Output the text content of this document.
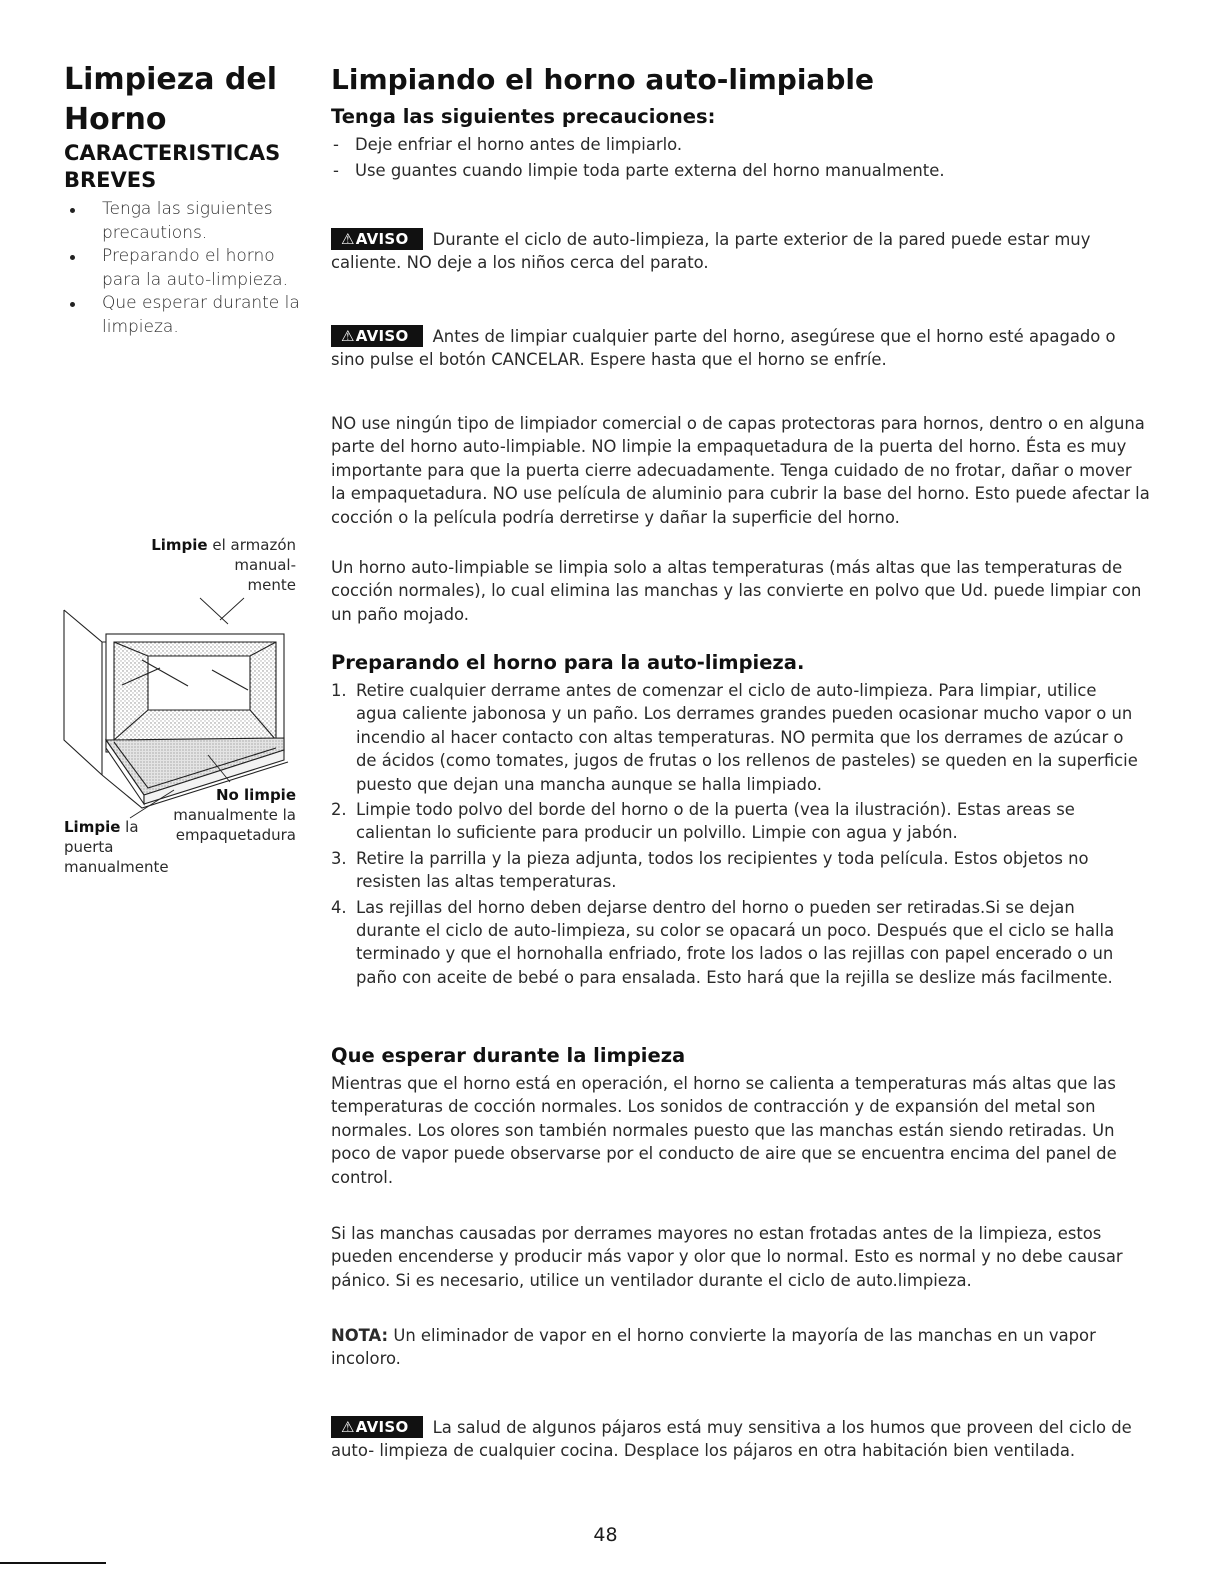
Limpieza del Horno
CARACTERISTICAS BREVES
Tenga las siguientes precautions.
Preparando el horno para la auto-limpieza.
Que esperar durante la limpieza.
Limpie el armazón
manual-
mente
No limpie
manualmente la
empaquetadura
Limpie la
puerta
manualmente
Limpiando el horno auto-limpiable
Tenga las siguientes precauciones:
- Deje enfriar el horno antes de limpiarlo.
- Use guantes cuando limpie toda parte externa del horno manualmente.

⚠AVISO Durante el ciclo de auto-limpieza, la parte exterior de la pared puede estar muy caliente. NO deje a los niños cerca del parato.

⚠AVISO Antes de limpiar cualquier parte del horno, asegúrese que el horno esté apagado o sino pulse el botón CANCELAR. Espere hasta que el horno se enfríe.

NO use ningún tipo de limpiador comercial o de capas protectoras para hornos, dentro o en alguna parte del horno auto-limpiable. NO limpie la empaquetadura de la puerta del horno. Ésta es muy importante para que la puerta cierre adecuadamente. Tenga cuidado de no frotar, dañar o mover la empaquetadura. NO use película de aluminio para cubrir la base del horno. Esto puede afectar la cocción o la película podría derretirse y dañar la superficie del horno.

Un horno auto-limpiable se limpia solo a altas temperaturas (más altas que las temperaturas de cocción normales), lo cual elimina las manchas y las convierte en polvo que Ud. puede limpiar con un paño mojado.

Preparando el horno para la auto-limpieza.
1. Retire cualquier derrame antes de comenzar el ciclo de auto-limpieza. Para limpiar, utilice agua caliente jabonosa y un paño. Los derrames grandes pueden ocasionar mucho vapor o un incendio al hacer contacto con altas temperaturas. NO permita que los derrames de azúcar o de ácidos (como tomates, jugos de frutas o los rellenos de pasteles) se queden en la superficie puesto que dejan una mancha aunque se halla limpiado.
2. Limpie todo polvo del borde del horno o de la puerta (vea la ilustración). Estas areas se calientan lo suficiente para producir un polvillo. Limpie con agua y jabón.
3. Retire la parrilla y la pieza adjunta, todos los recipientes y toda película. Estos objetos no resisten las altas temperaturas.
4. Las rejillas del horno deben dejarse dentro del horno o pueden ser retiradas.Si se dejan durante el ciclo de auto-limpieza, su color se opacará un poco. Después que el ciclo se halla terminado y que el hornohalla enfriado, frote los lados o las rejillas con papel encerado o un paño con aceite de bebé o para ensalada. Esto hará que la rejilla se deslize más facilmente.
Que esperar durante la limpieza

Mientras que el horno está en operación, el horno se calienta a temperaturas más altas que las temperaturas de cocción normales. Los sonidos de contracción y de expansión del metal son normales. Los olores son también normales puesto que las manchas están siendo retiradas. Un poco de vapor puede observarse por el conducto de aire que se encuentra encima del panel de control.

Si las manchas causadas por derrames mayores no estan frotadas antes de la limpieza, estos pueden encenderse y producir más vapor y olor que lo normal. Esto es normal y no debe causar pánico. Si es necesario, utilice un ventilador durante el ciclo de auto.limpieza.

NOTA: Un eliminador de vapor en el horno convierte la mayoría de las manchas en un vapor incoloro.

⚠AVISO La salud de algunos pájaros está muy sensitiva a los humos que proveen del ciclo de auto- limpieza de cualquier cocina. Desplace los pájaros en otra habitación bien ventilada.

48
